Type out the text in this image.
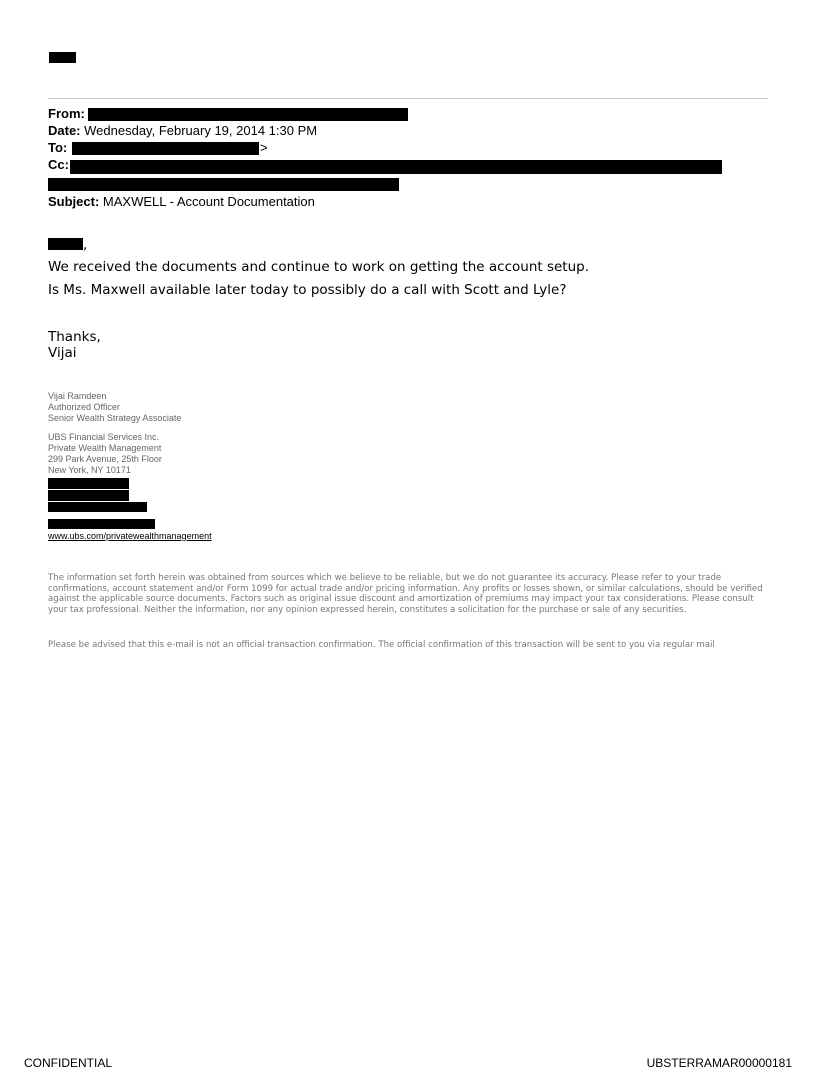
From:
Date: Wednesday, February 19, 2014 1:30 PM
To:	>
Cc:
Subject: MAXWELL - Account Documentation
,
We received the documents and continue to work on getting the account setup.
Is Ms. Maxwell available later today to possibly do a call with Scott and Lyle?
Thanks,
Vijai
Vijai Ramdeen
Authorized Officer
Senior Wealth Strategy Associate
UBS Financial Services Inc.
Private Wealth Management
299 Park Avenue, 25th Floor
New York, NY 10171
www.ubs.com/privatewealthmanagement
The information set forth herein was obtained from sources which we believe to be reliable, but we do not guarantee its accuracy. Please refer to your trade confirmations, account statement and/or Form 1099 for actual trade and/or pricing information. Any profits or losses shown, or similar calculations, should be verified against the applicable source documents. Factors such as original issue discount and amortization of premiums may impact your tax considerations. Please consult your tax professional. Neither the information, nor any opinion expressed herein, constitutes a solicitation for the purchase or sale of any securities.
Please be advised that this e-mail is not an official transaction confirmation. The official confirmation of this transaction will be sent to you via regular mail
CONFIDENTIAL	UBSTERRAMAR00000181
